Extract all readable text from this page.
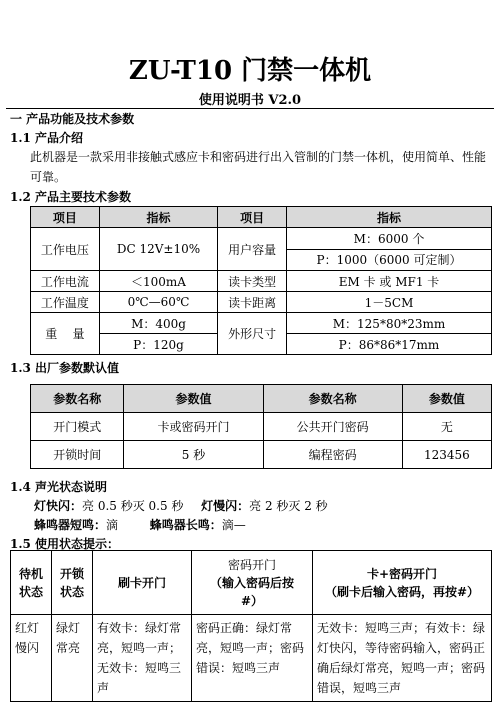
ZU-T10 门禁一体机
使用说明书 V2.0
一 产品功能及技术参数
1.1 产品介绍
此机器是一款采用非接触式感应卡和密码进行出入管制的门禁一体机，使用简单、性能可靠。
1.2 产品主要技术参数
项目	指标	项目	指标
工作电压	DC 12V±10%	用户容量	M：6000 个
			P：1000（6000 可定制）
工作电流	＜100mA	读卡类型	EM 卡 或 MF1 卡
工作温度	0℃—60℃	读卡距离	1－5CM
重    量	M：400g	外形尺寸	M：125*80*23mm
	P：120g		P：86*86*17mm
1.3 出厂参数默认值
参数名称	参数值	参数名称	参数值
开门模式	卡或密码开门	公共开门密码	无
开锁时间	5 秒	编程密码	123456
1.4 声光状态说明
灯快闪：亮 0.5 秒灭 0.5 秒 灯慢闪：亮 2 秒灭 2 秒
蜂鸣器短鸣：滴	蜂鸣器长鸣：滴—
1.5 使用状态提示：
待机
状态	开锁
状态	刷卡开门	密码开门
（输入密码后按
#）	卡+密码开门
（刷卡后输入密码，再按#）
红灯慢闪	绿灯常亮	有效卡：绿灯常亮，短鸣一声；无效卡：短鸣三声	密码正确：绿灯常亮，短鸣一声；密码错误：短鸣三声	无效卡：短鸣三声；有效卡：绿灯快闪，等待密码输入，密码正确后绿灯常亮，短鸣一声；密码错误，短鸣三声
